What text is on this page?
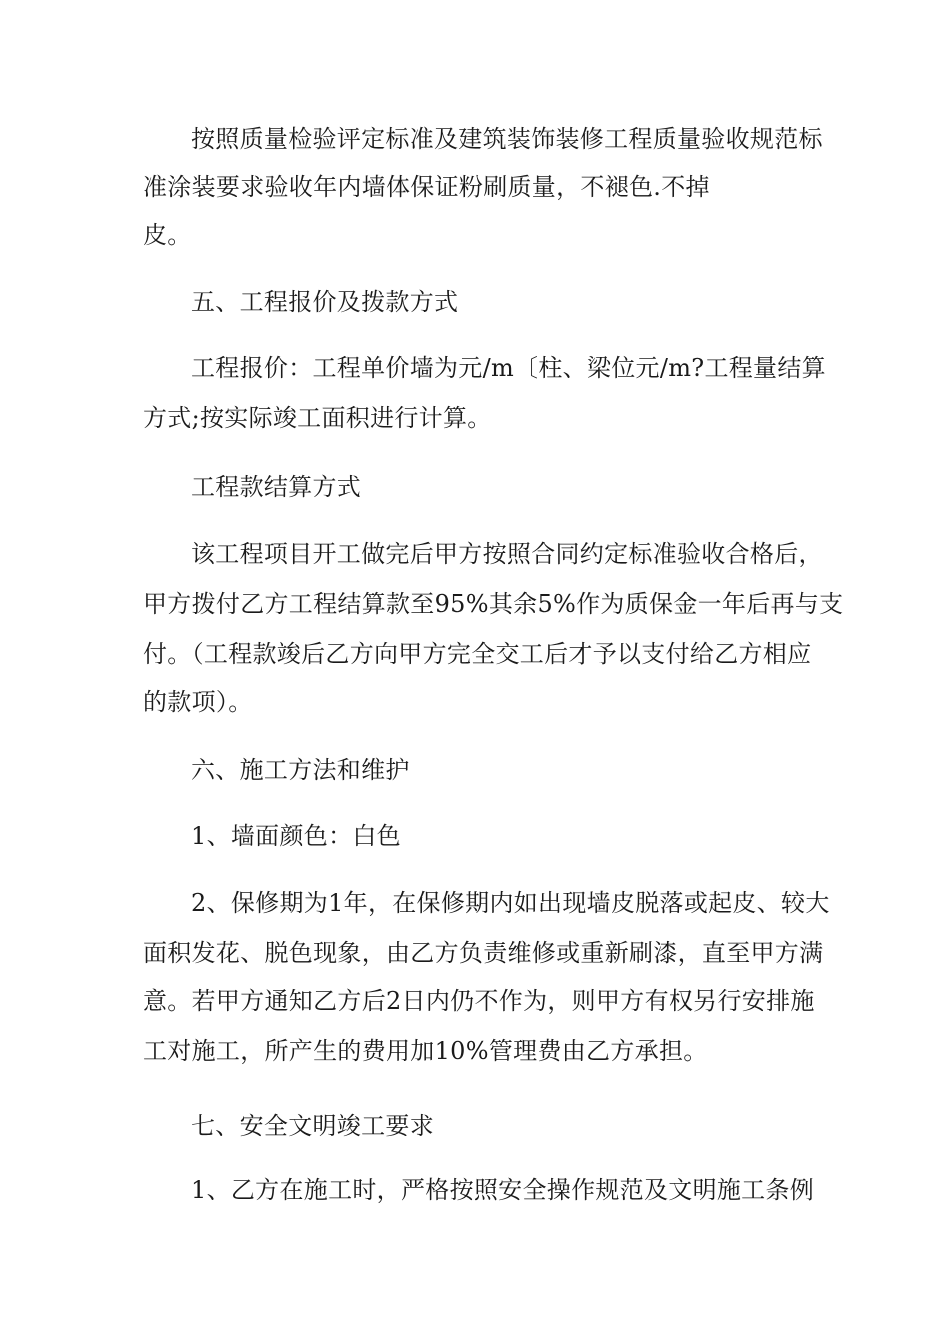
按照质量检验评定标准及建筑装饰装修工程质量验收规范标
准涂装要求验收年内墙体保证粉刷质量，不褪色.不掉
皮。
五、工程报价及拨款方式
工程报价：工程单价墙为元/m〔柱、梁位元/m?工程量结算
方式;按实际竣工面积进行计算。
工程款结算方式
该工程项目开工做完后甲方按照合同约定标准验收合格后，
甲方拨付乙方工程结算款至95%其余5%作为质保金一年后再与支
付。（工程款竣后乙方向甲方完全交工后才予以支付给乙方相应
的款项）。
六、施工方法和维护
1、墙面颜色：白色
2、保修期为1年，在保修期内如出现墙皮脱落或起皮、较大
面积发花、脱色现象，由乙方负责维修或重新刷漆，直至甲方满
意。若甲方通知乙方后2日内仍不作为，则甲方有权另行安排施
工对施工，所产生的费用加10%管理费由乙方承担。
七、安全文明竣工要求
1、乙方在施工时，严格按照安全操作规范及文明施工条例
